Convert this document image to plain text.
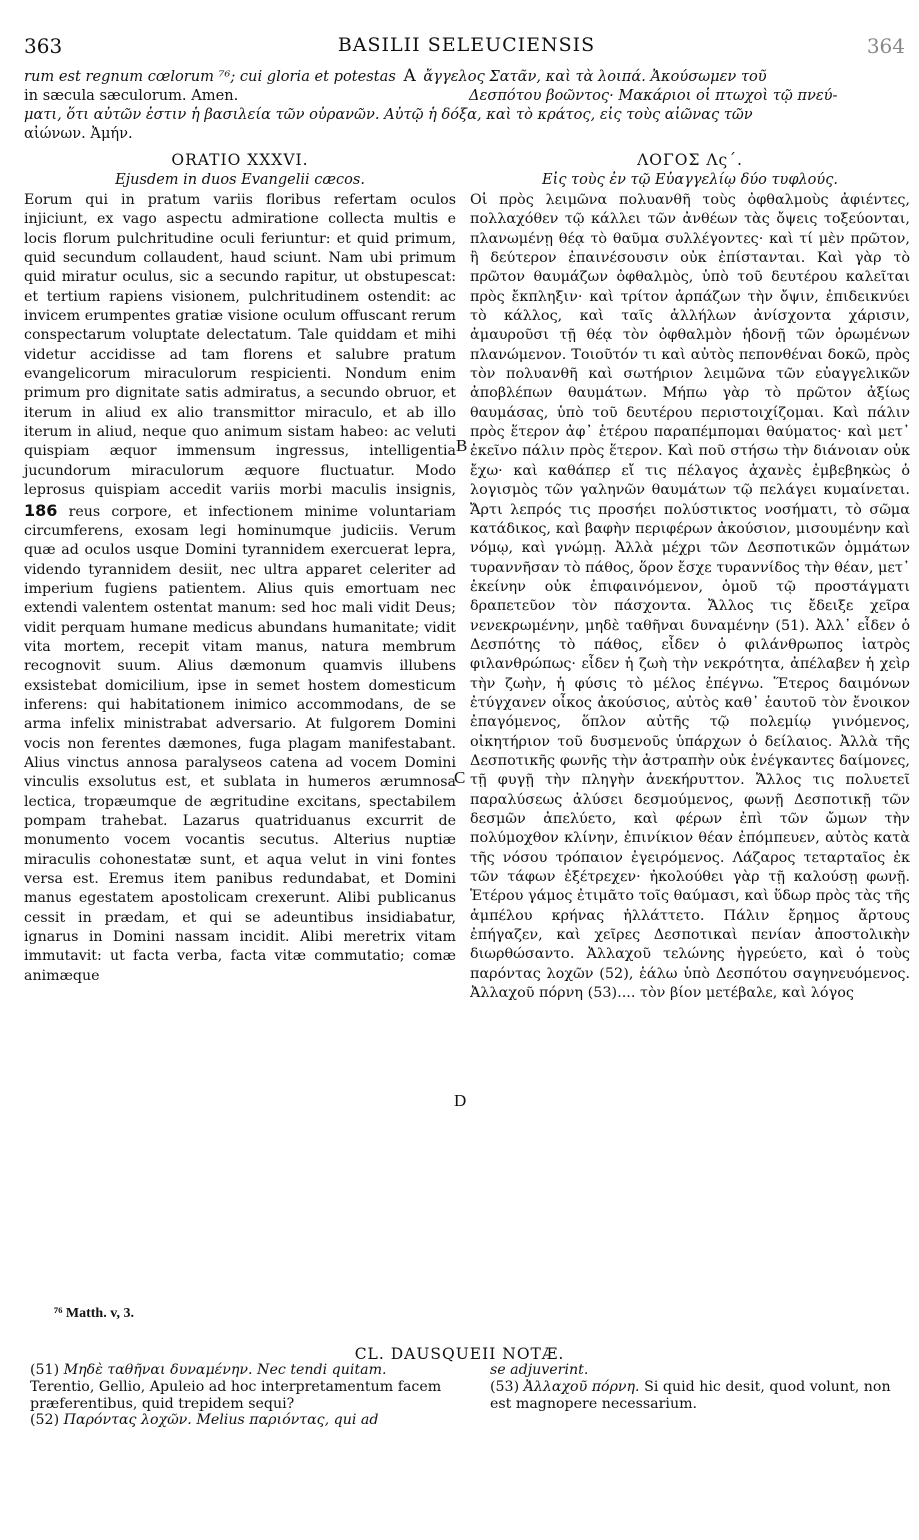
363	BASILII SELEUCIENSIS	364
rum est regnum cœlorum ⁷⁶; cui gloria et potestas A ἄγγελος Σατᾶν, καὶ τὰ λοιπά. Ἀκούσωμεν τοῦ
in sæcula sæculorum. Amen.	Δεσπότου βοῶντος· Μακάριοι οἱ πτωχοὶ τῷ πνεύ-
ματι, ὅτι αὐτῶν ἐστιν ἡ βασιλεία τῶν οὐρανῶν. Αὐτῷ ἡ δόξα, καὶ τὸ κράτος, εἰς τοὺς αἰῶνας τῶν
αἰώνων. Ἀμήν.
ORATIO XXXVI.
Ejusdem in duos Evangelii cæcos.
Eorum qui in pratum variis floribus refertam oculos injiciunt, ex vago aspectu admiratione collecta multis e locis florum pulchritudine oculi feriuntur: et quid primum, quid secundum collaudent, haud sciunt. Nam ubi primum quid miratur oculus, sic a secundo rapitur, ut obstupescat: et tertium rapiens visionem, pulchritudinem ostendit: ac invicem erumpentes gratiæ visione oculum offuscant rerum conspectarum voluptate delectatum. Tale quiddam et mihi videtur accidisse ad tam florens et salubre pratum evangelicorum miraculorum respicienti. Nondum enim primum pro dignitate satis admiratus, a secundo obruor, et iterum in aliud ex alio transmittor miraculo, et ab illo iterum in aliud, neque quo animum sistam habeo: ac veluti quispiam æquor immensum ingressus, intelligentia jucundorum miraculorum æquore fluctuatur. Modo leprosus quispiam accedit variis morbi maculis insignis, 186 reus corpore, et infectionem minime voluntariam circumferens, exosam legi hominumque judiciis. Verum quæ ad oculos usque Domini tyrannidem exercuerat lepra, videndo tyrannidem desiit, nec ultra apparet celeriter ad imperium fugiens patientem. Alius quis emortuam nec extendi valentem ostentat manum: sed hoc mali vidit Deus; vidit perquam humane medicus abundans humanitate; vidit vita mortem, recepit vitam manus, natura membrum recognovit suum. Alius dæmonum quamvis illubens exsistebat domicilium, ipse in semet hostem domesticum inferens: qui habitationem inimico accommodans, de se arma infelix ministrabat adversario. At fulgorem Domini vocis non ferentes dæmones, fuga plagam manifestabant. Alius vinctus annosa paralyseos catena ad vocem Domini vinculis exsolutus est, et sublata in humeros ærumnosa lectica, tropæumque de ægritudine excitans, spectabilem pompam trahebat. Lazarus quatriduanus excurrit de monumento vocem vocantis secutus. Alterius nuptiæ miraculis cohonestatæ sunt, et aqua velut in vini fontes versa est. Eremus item panibus redundabat, et Domini manus egestatem apostolicam crexerunt. Alibi publicanus cessit in prædam, et qui se adeuntibus insidiabatur, ignarus in Domini nassam incidit. Alibi meretrix vitam immutavit: ut facta verba, facta vitæ commutatio; comæ animæque
ΛΟΓΟΣ Λς΄.
Εἰς τοὺς ἐν τῷ Εὐαγγελίῳ δύο τυφλούς.
Οἱ πρὸς λειμῶνα πολυανθῆ τοὺς ὀφθαλμοὺς ἀφιέντες, πολλαχόθεν τῷ κάλλει τῶν ἀνθέων τὰς ὄψεις τοξεύονται, πλανωμένῃ θέᾳ τὸ θαῦμα συλλέγοντες· καὶ τί μὲν πρῶτον, ἢ δεύτερον ἐπαινέσουσιν οὐκ ἐπίστανται. Καὶ γὰρ τὸ πρῶτον θαυμάζων ὀφθαλμὸς, ὑπὸ τοῦ δευτέρου καλεῖται πρὸς ἔκπληξιν· καὶ τρίτον ἁρπάζων τὴν ὄψιν, ἐπιδεικνύει τὸ κάλλος, καὶ ταῖς ἀλλήλων ἀνίσχοντα χάρισιν, ἀμαυροῦσι τῇ θέᾳ τὸν ὀφθαλμὸν ἡδονῇ τῶν ὁρωμένων πλανώμενον. Τοιοῦτόν τι καὶ αὐτὸς πεπονθέναι δοκῶ, πρὸς τὸν πολυανθῆ καὶ σωτήριον λειμῶνα τῶν εὐαγγελικῶν ἀποβλέπων θαυμάτων. Μήπω γὰρ τὸ πρῶτον ἀξίως θαυμάσας, ὑπὸ τοῦ δευτέρου περιστοιχίζομαι. Καὶ πάλιν πρὸς ἕτερον ἀφ᾽ ἑτέρου παραπέμπομαι θαύματος· καὶ μετ᾽ ἐκεῖνο πάλιν πρὸς ἕτερον. Καὶ ποῦ στήσω τὴν διάνοιαν οὐκ ἔχω· καὶ καθάπερ εἴ τις πέλαγος ἀχανὲς ἐμβεβηκὼς ὁ λογισμὸς τῶν γαληνῶν θαυμάτων τῷ πελάγει κυμαίνεται. Ἄρτι λεπρός τις προσήει πολύστικτος νοσήματι, τὸ σῶμα κατάδικος, καὶ βαφὴν περιφέρων ἀκούσιον, μισουμένην καὶ νόμῳ, καὶ γνώμῃ. Ἀλλὰ μέχρι τῶν Δεσποτικῶν ὀμμάτων τυραννῆσαν τὸ πάθος, ὅρον ἔσχε τυραννίδος τὴν θέαν, μετ᾽ ἐκείνην οὐκ ἐπιφαινόμενον, ὁμοῦ τῷ προστάγματι δραπετεῦον τὸν πάσχοντα. Ἄλλος τις ἔδειξε χεῖρα νενεκρωμένην, μηδὲ ταθῆναι δυναμένην (51). Ἀλλ᾽ εἶδεν ὁ Δεσπότης τὸ πάθος, εἶδεν ὁ φιλάνθρωπος ἰατρὸς φιλανθρώπως· εἶδεν ἡ ζωὴ τὴν νεκρότητα, ἀπέλαβεν ἡ χεὶρ τὴν ζωὴν, ἡ φύσις τὸ μέλος ἐπέγνω. Ἕτερος δαιμόνων ἐτύγχανεν οἶκος ἀκούσιος, αὐτὸς καθ᾽ ἑαυτοῦ τὸν ἔνοικον ἐπαγόμενος, ὅπλον αὐτῆς τῷ πολεμίῳ γινόμενος, οἰκητήριον τοῦ δυσμενοῦς ὑπάρχων ὁ δείλαιος. Ἀλλὰ τῆς Δεσποτικῆς φωνῆς τὴν ἀστραπὴν οὐκ ἐνέγκαντες δαίμονες, τῇ φυγῇ τὴν πληγὴν ἀνεκήρυττον. Ἄλλος τις πολυετεῖ παραλύσεως ἁλύσει δεσμούμενος, φωνῇ Δεσποτικῇ τῶν δεσμῶν ἀπελύετο, καὶ φέρων ἐπὶ τῶν ὤμων τὴν πολύμοχθον κλίνην, ἐπινίκιον θέαν ἐπόμπευεν, αὐτὸς κατὰ τῆς νόσου τρόπαιον ἐγειρόμενος. Λάζαρος τεταρταῖος ἐκ τῶν τάφων ἐξέτρεχεν· ἠκολούθει γὰρ τῇ καλούσῃ φωνῇ. Ἑτέρου γάμος ἐτιμᾶτο τοῖς θαύμασι, καὶ ὕδωρ πρὸς τὰς τῆς ἀμπέλου κρήνας ἠλλάττετο. Πάλιν ἔρημος ἄρτους ἐπήγαζεν, καὶ χεῖρες Δεσποτικαὶ πενίαν ἀποστολικὴν διωρθώσαντο. Ἀλλαχοῦ τελώνης ἠγρεύετο, καὶ ὁ τοὺς παρόντας λοχῶν (52), ἑάλω ὑπὸ Δεσπότου σαγηνευόμενος. Ἀλλαχοῦ πόρνη (53).... τὸν βίον μετέβαλε, καὶ λόγος
B
C
D
⁷⁶ Matth. v, 3.
CL. DAUSQUEII NOTÆ.

(51) Μηδὲ ταθῆναι δυναμένην. Nec tendi quitam. Terentio, Gellio, Apuleio ad hoc interpretamentum facem præferentibus, quid trepidem sequi?

(52) Παρόντας λοχῶν. Melius παριόντας, qui ad

se adjuverint.

(53) Ἀλλαχοῦ πόρνη. Si quid hic desit, quod volunt, non est magnopere necessarium.
